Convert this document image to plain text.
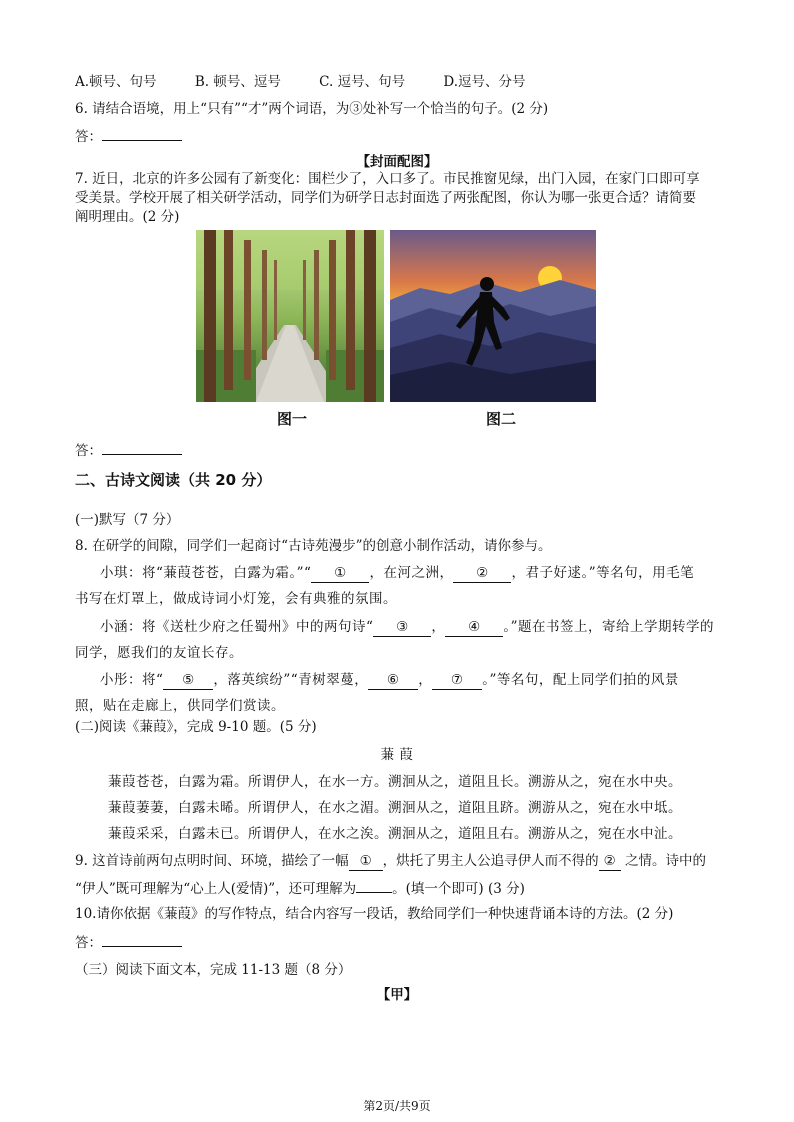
A.顿号、句号	B. 顿号、逗号	C. 逗号、句号	D.逗号、分号
6. 请结合语境，用上“只有”“才”两个词语，为③处补写一个恰当的句子。(2 分)
答：
【封面配图】
7. 近日，北京的许多公园有了新变化：围栏少了，入口多了。市民推窗见绿，出门入园，在家门口即可享
受美景。学校开展了相关研学活动，同学们为研学日志封面选了两张配图，你认为哪一张更合适？请简要
阐明理由。(2 分)
图一	图二
答：
二、古诗文阅读（共 20 分）
(一)默写（7 分）
8. 在研学的间隙，同学们一起商讨“古诗苑漫步”的创意小制作活动，请你参与。
小琪：将“蒹葭苍苍，白露为霜。”“ ① ，在河之洲， ② ，君子好逑。”等名句，用毛笔
书写在灯罩上，做成诗词小灯笼，会有典雅的氛围。
小涵：将《送杜少府之任蜀州》中的两句诗“ ③ ， ④ 。”题在书签上，寄给上学期转学的
同学，愿我们的友谊长存。
小彤：将“ ⑤ ，落英缤纷”“青树翠蔓， ⑥ ， ⑦ 。”等名句，配上同学们拍的风景
照，贴在走廊上，供同学们赏读。
(二)阅读《蒹葭》，完成 9-10 题。(5 分)
蒹 葭
蒹葭苍苍，白露为霜。所谓伊人，在水一方。溯洄从之，道阻且长。溯游从之，宛在水中央。
蒹葭萋萋，白露未晞。所谓伊人，在水之湄。溯洄从之，道阻且跻。溯游从之，宛在水中坻。
蒹葭采采，白露未已。所谓伊人，在水之涘。溯洄从之，道阻且右。溯游从之，宛在水中沚。
9. 这首诗前两句点明时间、环境，描绘了一幅 ① ，烘托了男主人公追寻伊人而不得的 ② 之情。诗中的
“伊人”既可理解为“心上人(爱情)”，还可理解为	。(填一个即可) (3 分)
10.请你依据《蒹葭》的写作特点，结合内容写一段话，教给同学们一种快速背诵本诗的方法。(2 分)
答：
（三）阅读下面文本，完成 11-13 题（8 分）
【甲】
第2页/共9页
